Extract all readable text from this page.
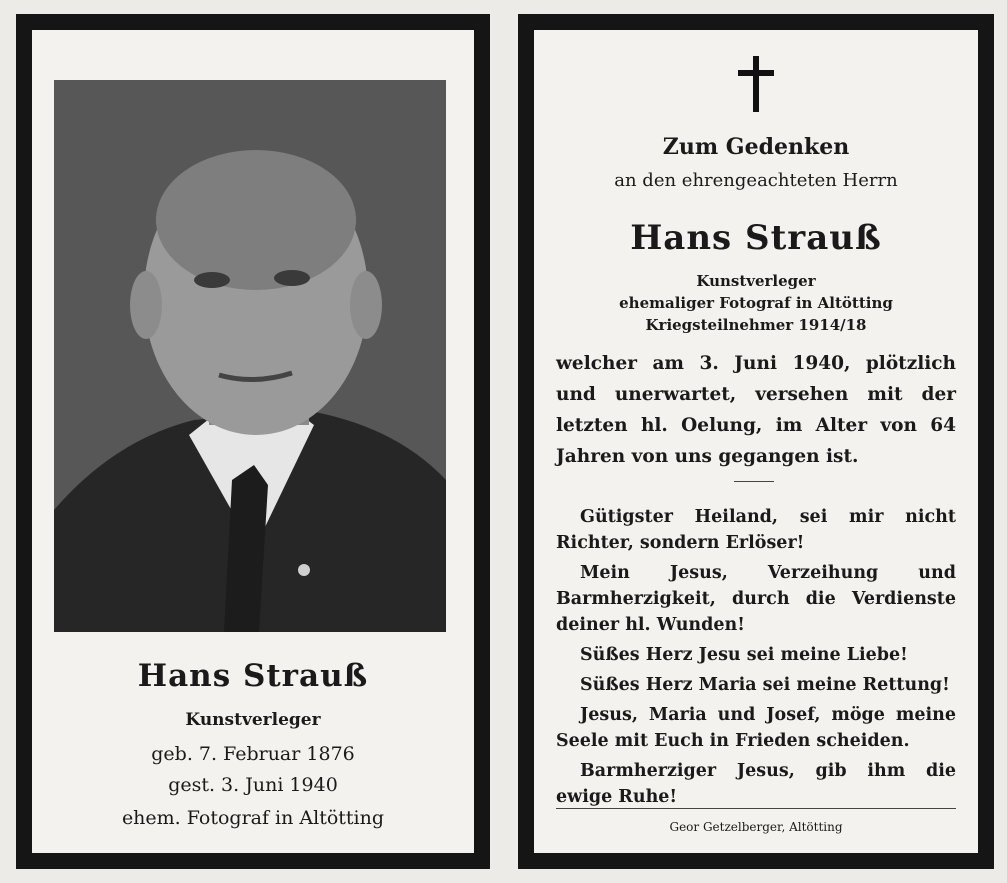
Hans Strauß
Kunstverleger
geb. 7. Februar 1876
gest. 3. Juni 1940
ehem. Fotograf in Altötting
Zum Gedenken
an den ehrengeachteten Herrn
Hans Strauß
Kunstverleger
ehemaliger Fotograf in Altötting
Kriegsteilnehmer 1914/18
welcher am 3. Juni 1940, plötzlich und unerwartet, versehen mit der letzten hl. Oelung, im Alter von 64 Jahren von uns gegangen ist.

Gütigster Heiland, sei mir nicht Richter, sondern Erlöser!

Mein Jesus, Verzeihung und Barmherzigkeit, durch die Verdienste deiner hl. Wunden!

Süßes Herz Jesu sei meine Liebe!

Süßes Herz Maria sei meine Rettung!

Jesus, Maria und Josef, möge meine Seele mit Euch in Frieden scheiden.

Barmherziger Jesus, gib ihm die ewige Ruhe!

Geor Getzelberger, Altötting
